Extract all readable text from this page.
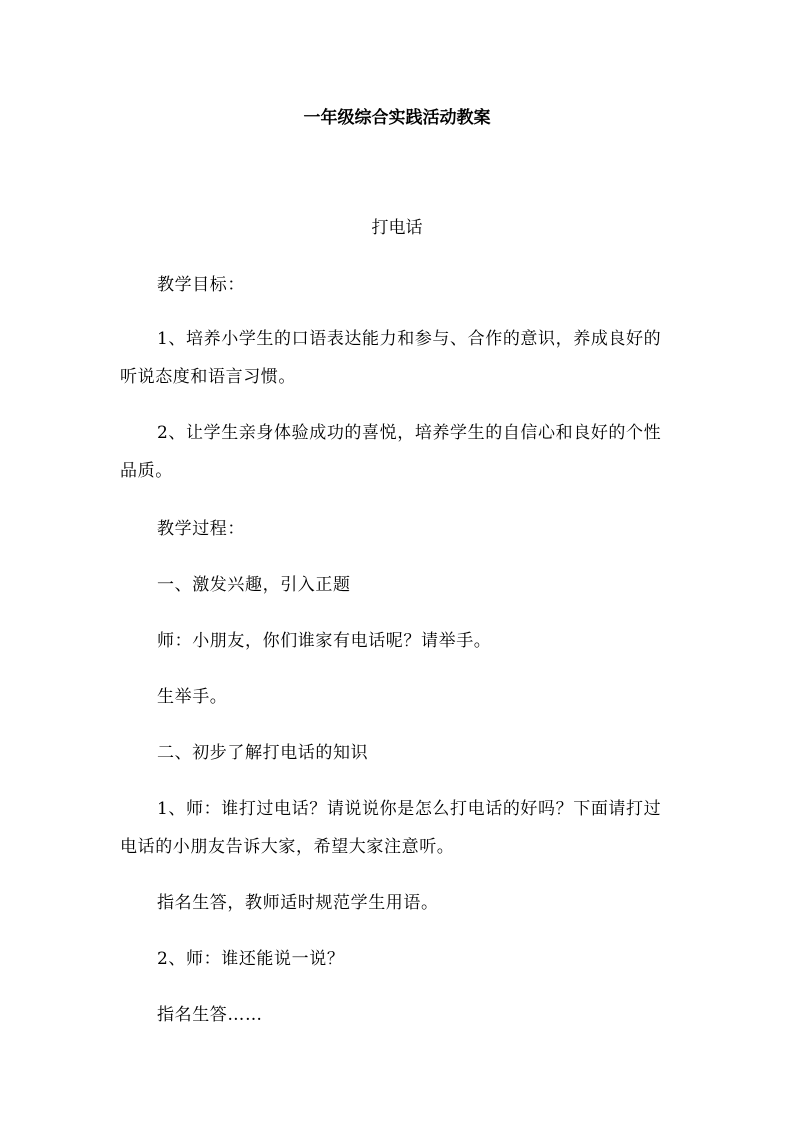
一年级综合实践活动教案
打电话
教学目标：
1、培养小学生的口语表达能力和参与、合作的意识，养成良好的听说态度和语言习惯。
2、让学生亲身体验成功的喜悦，培养学生的自信心和良好的个性品质。
教学过程：
一、激发兴趣，引入正题
师：小朋友，你们谁家有电话呢？请举手。
生举手。
二、初步了解打电话的知识
1、师：谁打过电话？请说说你是怎么打电话的好吗？下面请打过电话的小朋友告诉大家，希望大家注意听。
指名生答，教师适时规范学生用语。
2、师：谁还能说一说？
指名生答……
